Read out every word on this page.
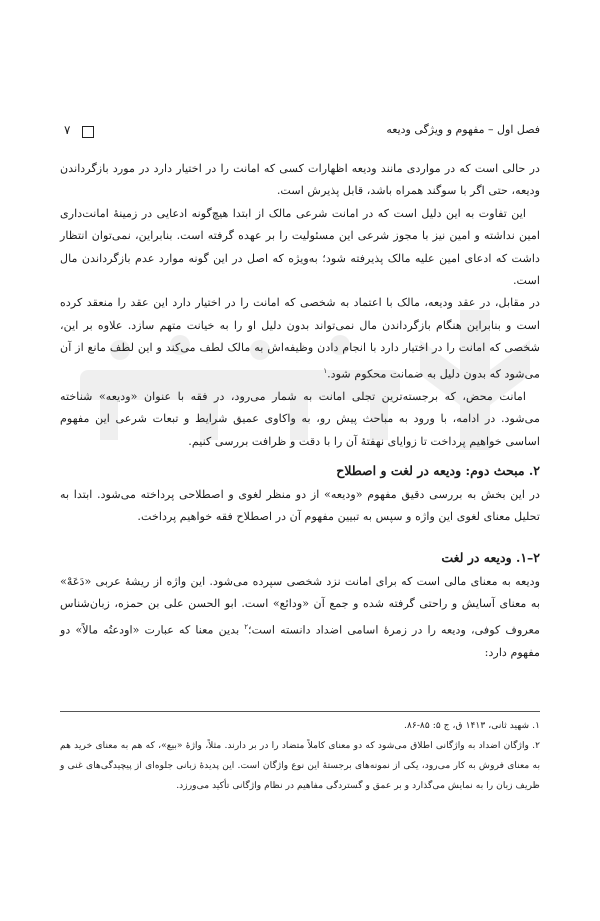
فصل اول – مفهوم و ویژگی ودیعه
۷

در حالی است که در مواردی مانند ودیعه اظهارات کسی که امانت را در اختیار دارد در مورد بازگرداندن ودیعه، حتی اگر با سوگند همراه باشد، قابل پذیرش است.

این تفاوت به این دلیل است که در امانت شرعی مالک از ابتدا هیچ‌گونه ادعایی در زمینهٔ امانت‌داری امین نداشته و امین نیز با مجوز شرعی این مسئولیت را بر عهده گرفته است. بنابراین، نمی‌توان انتظار داشت که ادعای امین علیه مالک پذیرفته شود؛ به‌ویژه که اصل در این گونه موارد عدم بازگرداندن مال است.

در مقابل، در عقد ودیعه، مالک با اعتماد به شخصی که امانت را در اختیار دارد این عقد را منعقد کرده است و بنابراین هنگام بازگرداندن مال نمی‌تواند بدون دلیل او را به خیانت متهم سازد. علاوه بر این، شخصی که امانت را در اختیار دارد با انجام دادن وظیفه‌اش به مالک لطف می‌کند و این لطف مانع از آن می‌شود که بدون دلیل به ضمانت محکوم شود.$^۱$

امانت محض، که برجسته‌ترین تجلی امانت به شمار می‌رود، در فقه با عنوان «ودیعه» شناخته می‌شود. در ادامه، با ورود به مباحث پیش رو، به واکاوی عمیق شرایط و تبعات شرعی این مفهوم اساسی خواهیم پرداخت تا زوایای نهفتهٔ آن را با دقت و ظرافت بررسی کنیم.

۲. مبحث دوم: ودیعه در لغت و اصطلاح

در این بخش به بررسی دقیق مفهوم «ودیعه» از دو منظر لغوی و اصطلاحی پرداخته می‌شود. ابتدا به تحلیل معنای لغوی این واژه و سپس به تبیین مفهوم آن در اصطلاح فقه خواهیم پرداخت.

۲–۱. ودیعه در لغت

ودیعه به معنای مالی است که برای امانت نزد شخصی سپرده می‌شود. این واژه از ریشهٔ عربی «دَعَهْ» به معنای آسایش و راحتی گرفته شده و جمع آن «ودائع» است. ابو الحسن علی بن حمزه، زبان‌شناس معروف کوفی، ودیعه را در زمرهٔ اسامی اضداد دانسته است؛$^۲$ بدین معنا که عبارت «اودعتُه مالاً» دو مفهوم دارد:

۱. شهید ثانی، ۱۴۱۳ ق، ج ۵: ۸۵-۸۶.
۲. واژگان اضداد به واژگانی اطلاق می‌شود که دو معنای کاملاً متضاد را در بر دارند. مثلاً، واژهٔ «بیع»، که هم به معنای خرید هم به معنای فروش به کار می‌رود، یکی از نمونه‌های برجستهٔ این نوع واژگان است. این پدیدهٔ زبانی جلوه‌ای از پیچیدگی‌های غنی و ظریف زبان را به نمایش می‌گذارد و بر عمق و گستردگی مفاهیم در نظام واژگانی تأکید می‌ورزد.
